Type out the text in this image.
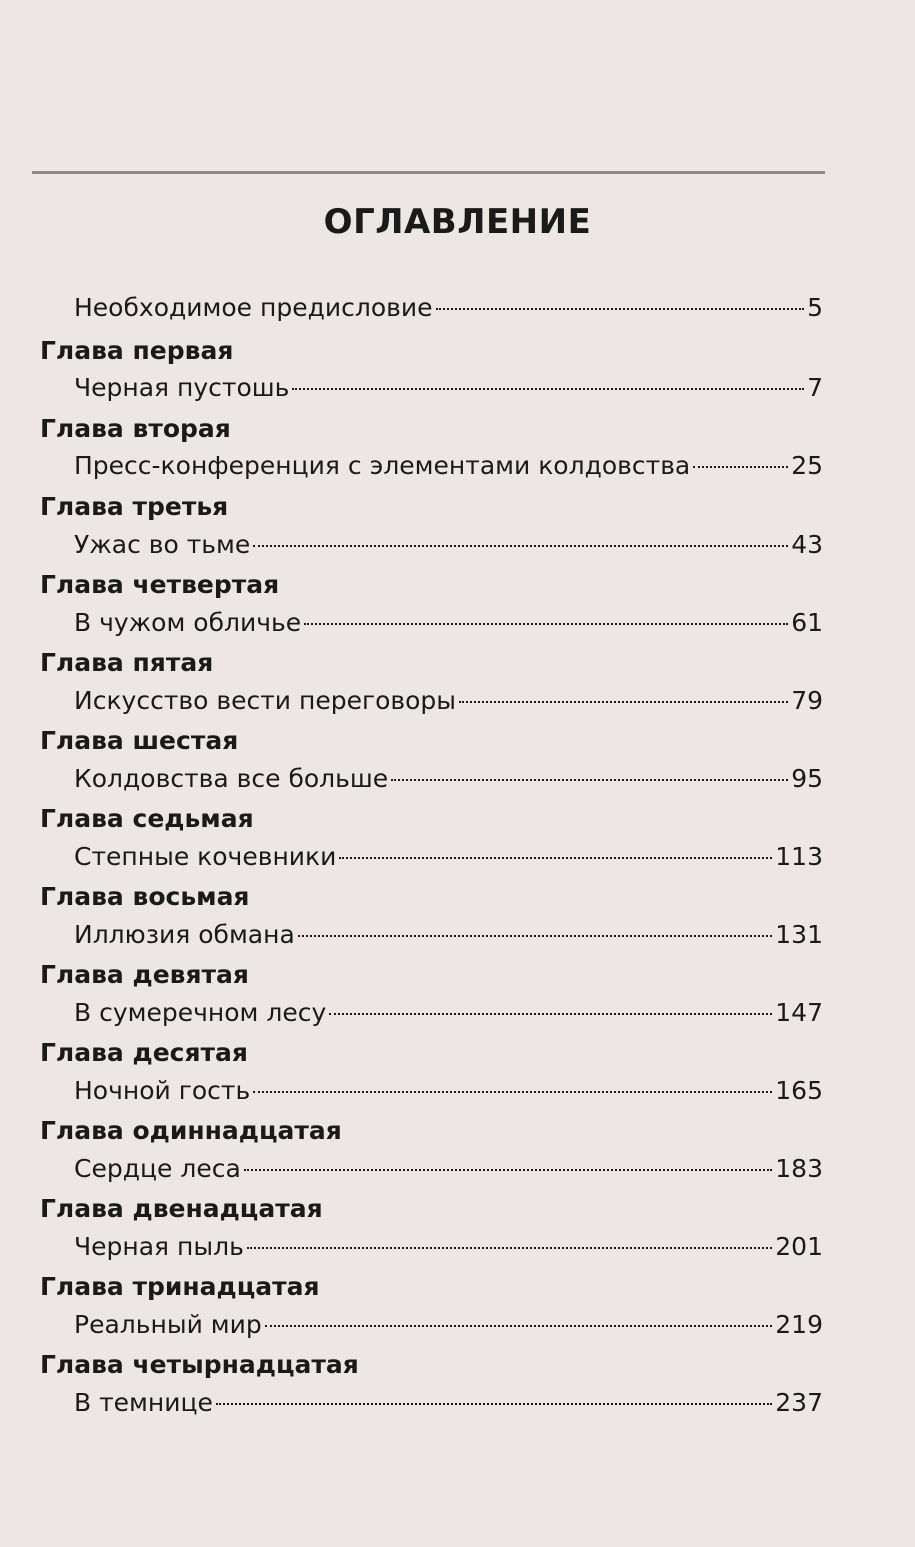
ОГЛАВЛЕНИЕ
Необходимое предисловие	5
Глава первая
Черная пустошь	7
Глава вторая
Пресс-конференция с элементами колдовства	25
Глава третья
Ужас во тьме	43
Глава четвертая
В чужом обличье	61
Глава пятая
Искусство вести переговоры	79
Глава шестая
Колдовства все больше	95
Глава седьмая
Степные кочевники	113
Глава восьмая
Иллюзия обмана	131
Глава девятая
В сумеречном лесу	147
Глава десятая
Ночной гость	165
Глава одиннадцатая
Сердце леса	183
Глава двенадцатая
Черная пыль	201
Глава тринадцатая
Реальный мир	219
Глава четырнадцатая
В темнице	237
